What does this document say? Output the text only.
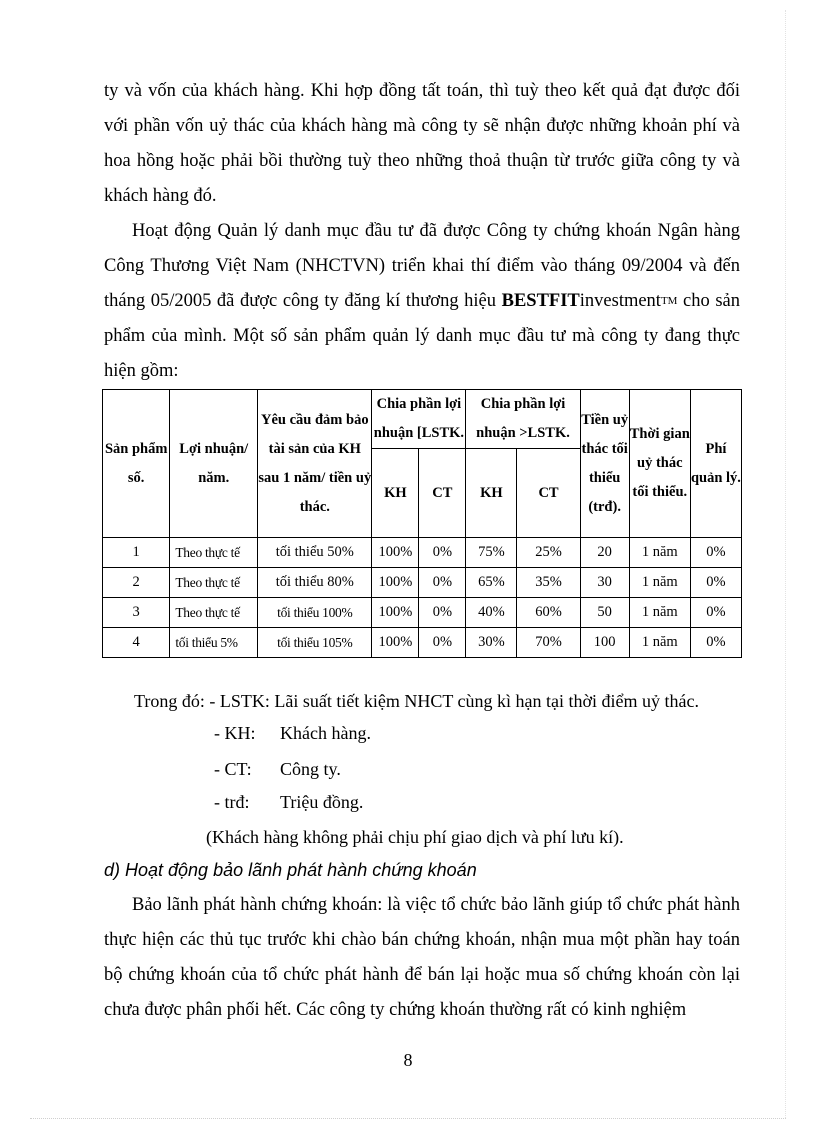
ty và vốn của khách hàng. Khi hợp đồng tất toán, thì tuỳ theo kết quả đạt được đối với phần vốn uỷ thác của khách hàng mà công ty sẽ nhận được những khoản phí và hoa hồng hoặc phải bồi thường tuỳ theo những thoả thuận từ trước giữa công ty và khách hàng đó.

Hoạt động Quản lý danh mục đầu tư đã được Công ty chứng khoán Ngân hàng Công Thương Việt Nam (NHCTVN) triển khai thí điểm vào tháng 09/2004 và đến tháng 05/2005 đã được công ty đăng kí thương hiệu BESTFITinvestment™ cho sản phẩm của mình. Một số sản phẩm quản lý danh mục đầu tư mà công ty đang thực hiện gồm:

Sản phẩm số.	Lợi nhuận/ năm.	Yêu cầu đảm bảo tài sản của KH sau 1 năm/ tiền uỷ thác.	Chia phần lợi nhuận [LSTK.		Chia phần lợi nhuận >LSTK.		Tiền uỷ thác tối thiểu (trđ).	Thời gian uỷ thác tối thiểu.	Phí quản lý.
			KH	CT	KH	CT			
1	Theo thực tế	tối thiểu 50%	100%	0%	75%	25%	20	1 năm	0%
2	Theo thực tế	tối thiểu 80%	100%	0%	65%	35%	30	1 năm	0%
3	Theo thực tế	tối thiểu 100%	100%	0%	40%	60%	50	1 năm	0%
4	tối thiểu 5%	tối thiểu 105%	100%	0%	30%	70%	100	1 năm	0%
Trong đó: - LSTK: Lãi suất tiết kiệm NHCT cùng kì hạn tại thời điểm uỷ thác.
- KH: Khách hàng.
- CT: Công ty.
- trđ: Triệu đồng.
(Khách hàng không phải chịu phí giao dịch và phí lưu kí).
d) Hoạt động bảo lãnh phát hành chứng khoán

Bảo lãnh phát hành chứng khoán: là việc tổ chức bảo lãnh giúp tổ chức phát hành thực hiện các thủ tục trước khi chào bán chứng khoán, nhận mua một phần hay toán bộ chứng khoán của tổ chức phát hành để bán lại hoặc mua số chứng khoán còn lại chưa được phân phối hết. Các công ty chứng khoán thường rất có kinh nghiệm

8
